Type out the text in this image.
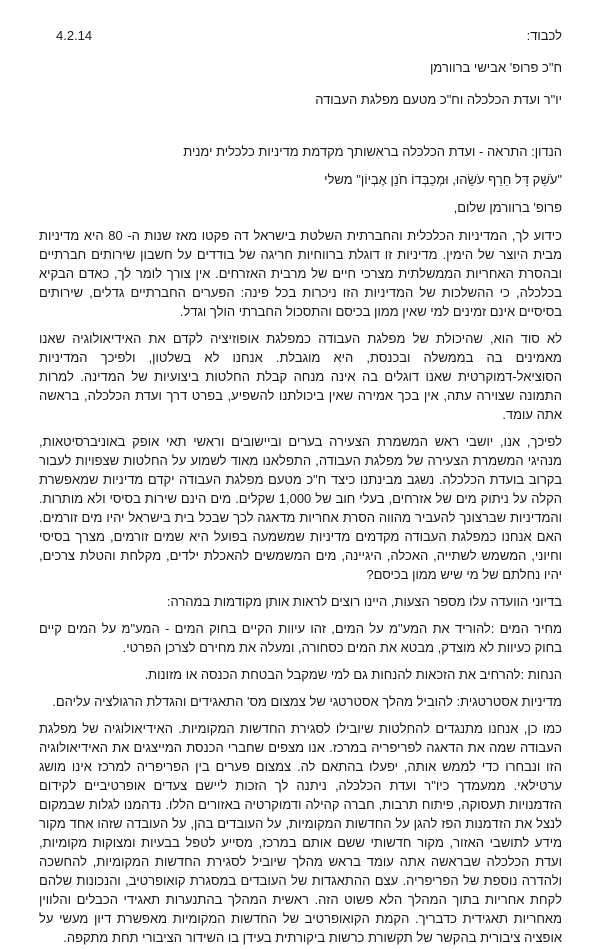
לכבוד:
4.2.14

ח"כ פרופ' אבישי ברוורמן

יו"ר ועדת הכלכלה וח"כ מטעם מפלגת העבודה

הנדון: התראה - ועדת הכלכלה בראשותך מקדמת מדיניות כלכלית ימנית

"עֹשֵׁק דָּל חֵרֵף עֹשֵׂהוּ, וּמְכַבְּדוֹ חֹנֵן אֶבְיוֹן" משלי

פרופ' ברוורמן שלום,

כידוע לך, המדיניות הכלכלית והחברתית השלטת בישראל דה פקטו מאז שנות ה- 80 היא מדיניות מבית היוצר של הימין. מדיניות זו דוגלת ברווחיות חריגה של בודדים על חשבון שירותים חברתיים ובהסרת האחריות הממשלתית מצרכי חיים של מרבית האזרחים. אין צורך לומר לך, כאדם הבקיא בכלכלה, כי ההשלכות של המדיניות הזו ניכרות בכל פינה: הפערים החברתיים גדלים, שירותים בסיסיים אינם זמינים למי שאין ממון בכיסם והתסכול החברתי הולך וגדל.

לא סוד הוא, שהיכולת של מפלגת העבודה כמפלגת אופוזיציה לקדם את האידיאולוגיה שאנו מאמינים בה בממשלה ובכנסת, היא מוגבלת. אנחנו לא בשלטון, ולפיכך המדיניות הסוציאל-דמוקרטית שאנו דוגלים בה אינה מנחה קבלת החלטות ביצועיות של המדינה. למרות התמונה שצוירה עתה, אין בכך אמירה שאין ביכולתנו להשפיע, בפרט דרך ועדת הכלכלה, בראשה אתה עומד.

לפיכך, אנו, יושבי ראש המשמרת הצעירה בערים וביישובים וראשי תאי אופק באוניברסיטאות, מנהיגי המשמרת הצעירה של מפלגת העבודה, התפלאנו מאוד לשמוע על החלטות שצפויות לעבור בקרוב בועדת הכלכלה. נשגב מבינתנו כיצד ח"כ מטעם מפלגת העבודה יקדם מדיניות שמאפשרת הקלה על ניתוק מים של אזרחים, בעלי חוב של 1,000 שקלים. מים הינם שירות בסיסי ולא מותרות. והמדיניות שברצונך להעביר מהווה הסרת אחריות מדאגה לכך שבכל בית בישראל יהיו מים זורמים. האם אנחנו כמפלגת העבודה מקדמים מדיניות שמשמעה בפועל היא שמים זורמים, מצרך בסיסי וחיוני, המשמש לשתייה, האכלה, היגיינה, מים המשמשים להאכלת ילדים, מקלחת והטלת צרכים, יהיו נחלתם של מי שיש ממון בכיסם?

בדיוני הוועדה עלו מספר הצעות, היינו רוצים לראות אותן מקודמות במהרה:

מחיר המים :להוריד את המע"מ על המים, זהו עיוות הקיים בחוק המים - המע"מ על המים קיים בחוק כעיוות לא מוצדק, מבטא את המים כסחורה, ומעלה את מחירם לצרכן הפרטי.

הנחות :להרחיב את הזכאות להנחות גם למי שמקבל הבטחת הכנסה או מזונות.

מדיניות אסטרטגית: להוביל מהלך אסטרטגי של צמצום מס' התאגידים והגדלת הרגולציה עליהם.

כמו כן, אנחנו מתנגדים להחלטות שיובילו לסגירת החדשות המקומיות. האידיאולוגיה של מפלגת העבודה שמה את הדאגה לפריפריה במרכז. אנו מצפים שחברי הכנסת המייצגים את האידיאולוגיה הזו ונבחרו כדי לממש אותה, יפעלו בהתאם לה. צמצום פערים בין הפריפריה למרכז אינו מושג ערטילאי. ממעמדך כיו"ר ועדת הכלכלה, ניתנה לך הזכות ליישם צעדים אופרטיביים לקידום הזדמנויות תעסוקה, פיתוח תרבות, חברה קהילה ודמוקרטיה באזורים הללו. נדהמנו לגלות שבמקום לנצל את הזדמנות הפז להגן על החדשות המקומיות, על העובדים בהן, על העובדה שזהו אחד מקור מידע לתושבי האזור, מקור חדשותי ששם אותם במרכז, מסייע לטפל בבעיות ומצוקות מקומיות, ועדת הכלכלה שבראשה אתה עומד בראש מהלך שיוביל לסגירת החדשות המקומיות, להחשכה ולהדרה נוספת של הפריפריה. עצם ההתאגדות של העובדים במסגרת קואופרטיב, והנכונות שלהם לקחת אחריות בתוך המהלך הלא פשוט הזה. ראשית המהלך בהתנערות תאגידי הכבלים והלווין מאחריות תאגידית כדבריך. הקמת הקואופרטיב של החדשות המקומיות מאפשרת דיון מעשי על אופציה ציבורית בהקשר של תקשורת כרשות ביקורתית בעידן בו השידור הציבורי תחת מתקפה.
